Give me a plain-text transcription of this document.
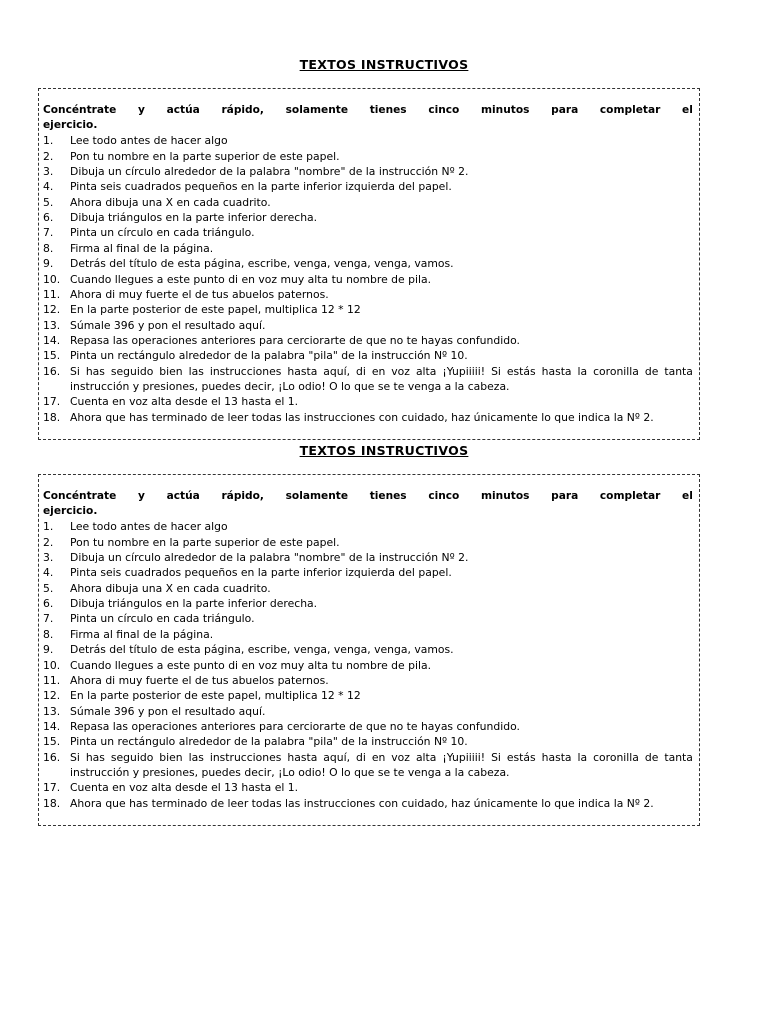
TEXTOS INSTRUCTIVOS
Concéntrate y actúa rápido, solamente tienes cinco minutos para completar el
ejercicio.
1.	Lee todo antes de hacer algo
2.	Pon tu nombre en la parte superior de este papel.
3.	Dibuja un círculo alrededor de la palabra "nombre" de la instrucción Nº 2.
4.	Pinta seis cuadrados pequeños en la parte inferior izquierda del papel.
5.	Ahora dibuja una X en cada cuadrito.
6.	Dibuja triángulos en la parte inferior derecha.
7.	Pinta un círculo en cada triángulo.
8.	Firma al final de la página.
9.	Detrás del título de esta página, escribe, venga, venga, venga, vamos.
10. Cuando llegues a este punto di en voz muy alta tu nombre de pila.
11. Ahora di muy fuerte el de tus abuelos paternos.
12. En la parte posterior de este papel, multiplica 12 * 12
13. Súmale 396 y pon el resultado aquí.
14. Repasa las operaciones anteriores para cerciorarte de que no te hayas confundido.
15. Pinta un rectángulo alrededor de la palabra "pila" de la instrucción Nº 10.
16. Si has seguido bien las instrucciones hasta aquí, di en voz alta ¡Yupiiiii! Si estás hasta la coronilla de tanta
instrucción y presiones, puedes decir, ¡Lo odio! O lo que se te venga a la cabeza.
17. Cuenta en voz alta desde el 13 hasta el 1.
18. Ahora que has terminado de leer todas las instrucciones con cuidado, haz únicamente lo que indica la Nº 2.
TEXTOS INSTRUCTIVOS
Concéntrate y actúa rápido, solamente tienes cinco minutos para completar el
ejercicio.
1.	Lee todo antes de hacer algo
2.	Pon tu nombre en la parte superior de este papel.
3.	Dibuja un círculo alrededor de la palabra "nombre" de la instrucción Nº 2.
4.	Pinta seis cuadrados pequeños en la parte inferior izquierda del papel.
5.	Ahora dibuja una X en cada cuadrito.
6.	Dibuja triángulos en la parte inferior derecha.
7.	Pinta un círculo en cada triángulo.
8.	Firma al final de la página.
9.	Detrás del título de esta página, escribe, venga, venga, venga, vamos.
10. Cuando llegues a este punto di en voz muy alta tu nombre de pila.
11. Ahora di muy fuerte el de tus abuelos paternos.
12. En la parte posterior de este papel, multiplica 12 * 12
13. Súmale 396 y pon el resultado aquí.
14. Repasa las operaciones anteriores para cerciorarte de que no te hayas confundido.
15. Pinta un rectángulo alrededor de la palabra "pila" de la instrucción Nº 10.
16. Si has seguido bien las instrucciones hasta aquí, di en voz alta ¡Yupiiiii! Si estás hasta la coronilla de tanta
instrucción y presiones, puedes decir, ¡Lo odio! O lo que se te venga a la cabeza.
17. Cuenta en voz alta desde el 13 hasta el 1.
18. Ahora que has terminado de leer todas las instrucciones con cuidado, haz únicamente lo que indica la Nº 2.
